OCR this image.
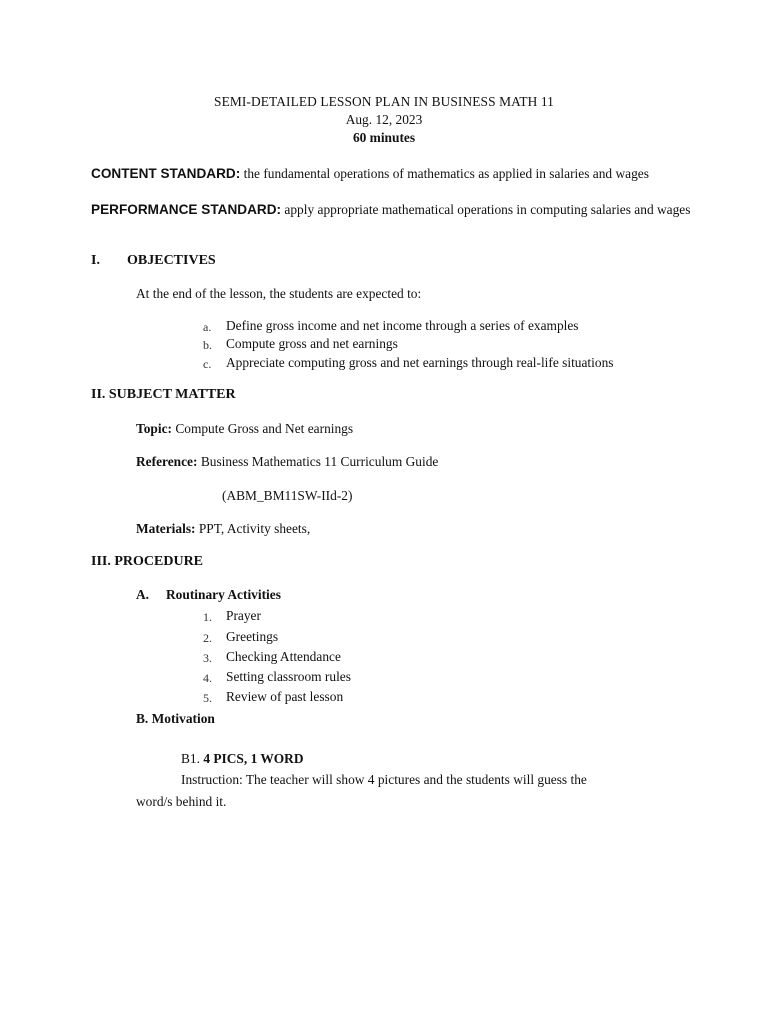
SEMI-DETAILED LESSON PLAN IN BUSINESS MATH 11
Aug. 12, 2023
60 minutes
CONTENT STANDARD: the fundamental operations of mathematics as applied in salaries and wages
PERFORMANCE STANDARD: apply appropriate mathematical operations in computing salaries and wages
I. OBJECTIVES
At the end of the lesson, the students are expected to:
a. Define gross income and net income through a series of examples
b. Compute gross and net earnings
c. Appreciate computing gross and net earnings through real-life situations
II. SUBJECT MATTER
Topic: Compute Gross and Net earnings
Reference: Business Mathematics 11 Curriculum Guide
(ABM_BM11SW-IId-2)
Materials: PPT, Activity sheets,
III. PROCEDURE
A. Routinary Activities
1. Prayer
2. Greetings
3. Checking Attendance
4. Setting classroom rules
5. Review of past lesson
B. Motivation
B1. 4 PICS, 1 WORD
Instruction: The teacher will show 4 pictures and the students will guess the
word/s behind it.
